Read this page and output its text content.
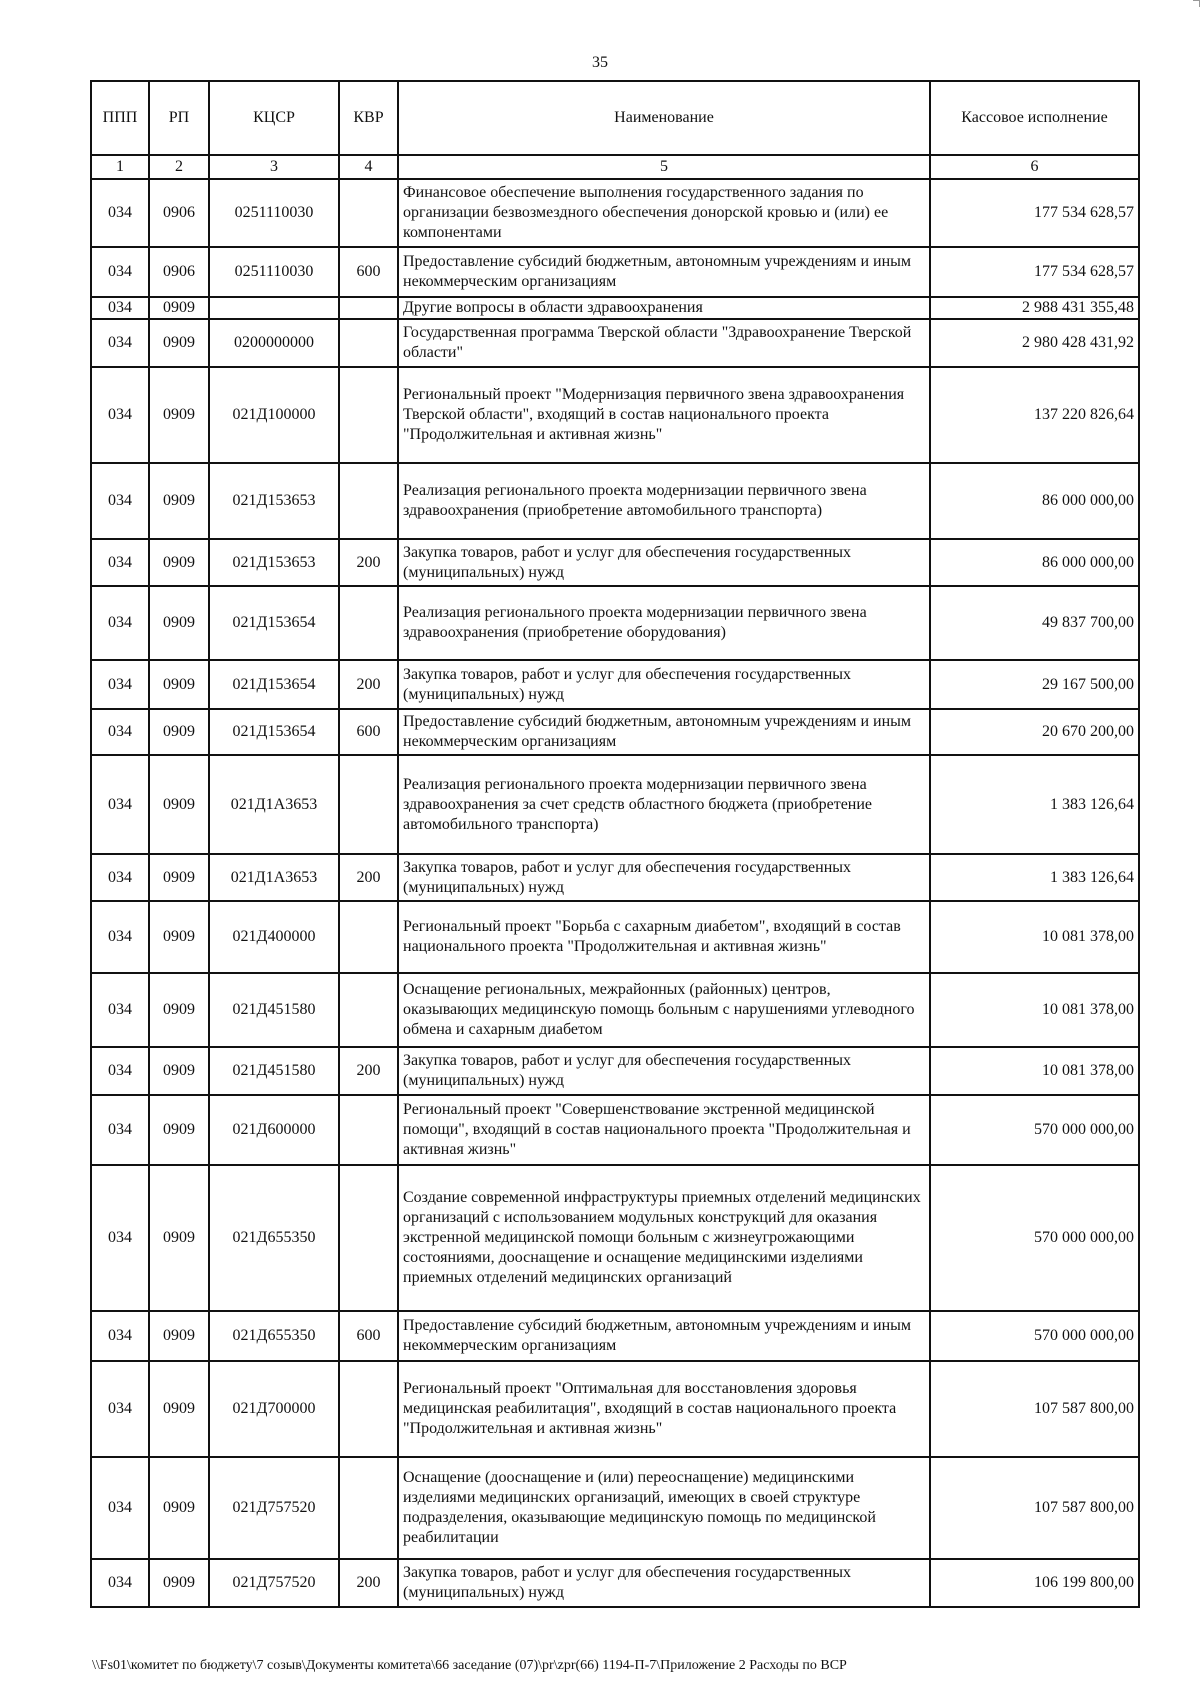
35
ППП	РП	КЦСР	КВР	Наименование	Кассовое исполнение
1	2	3	4	5	6
034	0906	0251110030		Финансовое обеспечение выполнения государственного задания по организации безвозмездного обеспечения донорской кровью и (или) ее компонентами	177 534 628,57
034	0906	0251110030	600	Предоставление субсидий бюджетным, автономным учреждениям и иным некоммерческим организациям	177 534 628,57
034	0909			Другие вопросы в области здравоохранения	2 988 431 355,48
034	0909	0200000000		Государственная программа Тверской области "Здравоохранение Тверской области"	2 980 428 431,92
034	0909	021Д100000		Региональный проект "Модернизация первичного звена здравоохранения Тверской области", входящий в состав национального проекта "Продолжительная и активная жизнь"	137 220 826,64
034	0909	021Д153653		Реализация регионального проекта модернизации первичного звена здравоохранения (приобретение автомобильного транспорта)	86 000 000,00
034	0909	021Д153653	200	Закупка товаров, работ и услуг для обеспечения государственных (муниципальных) нужд	86 000 000,00
034	0909	021Д153654		Реализация регионального проекта модернизации первичного звена здравоохранения (приобретение оборудования)	49 837 700,00
034	0909	021Д153654	200	Закупка товаров, работ и услуг для обеспечения государственных (муниципальных) нужд	29 167 500,00
034	0909	021Д153654	600	Предоставление субсидий бюджетным, автономным учреждениям и иным некоммерческим организациям	20 670 200,00
034	0909	021Д1А3653		Реализация регионального проекта модернизации первичного звена здравоохранения за счет средств областного бюджета (приобретение автомобильного транспорта)	1 383 126,64
034	0909	021Д1А3653	200	Закупка товаров, работ и услуг для обеспечения государственных (муниципальных) нужд	1 383 126,64
034	0909	021Д400000		Региональный проект "Борьба с сахарным диабетом", входящий в состав национального проекта "Продолжительная и активная жизнь"	10 081 378,00
034	0909	021Д451580		Оснащение региональных, межрайонных (районных) центров, оказывающих медицинскую помощь больным с нарушениями углеводного обмена и сахарным диабетом	10 081 378,00
034	0909	021Д451580	200	Закупка товаров, работ и услуг для обеспечения государственных (муниципальных) нужд	10 081 378,00
034	0909	021Д600000		Региональный проект "Совершенствование экстренной медицинской помощи", входящий в состав национального проекта "Продолжительная и активная жизнь"	570 000 000,00
034	0909	021Д655350		Создание современной инфраструктуры приемных отделений медицинских организаций с использованием модульных конструкций для оказания экстренной медицинской помощи больным с жизнеугрожающими состояниями, дооснащение и оснащение медицинскими изделиями приемных отделений медицинских организаций	570 000 000,00
034	0909	021Д655350	600	Предоставление субсидий бюджетным, автономным учреждениям и иным некоммерческим организациям	570 000 000,00
034	0909	021Д700000		Региональный проект "Оптимальная для восстановления здоровья медицинская реабилитация", входящий в состав национального проекта "Продолжительная и активная жизнь"	107 587 800,00
034	0909	021Д757520		Оснащение (дооснащение и (или) переоснащение) медицинскими изделиями медицинских организаций, имеющих в своей структуре подразделения, оказывающие медицинскую помощь по медицинской реабилитации	107 587 800,00
034	0909	021Д757520	200	Закупка товаров, работ и услуг для обеспечения государственных (муниципальных) нужд	106 199 800,00
\\Fs01\комитет по бюджету\7 созыв\Документы комитета\66 заседание (07)\pr\zpr(66) 1194-П-7\Приложение 2 Расходы по ВСР
